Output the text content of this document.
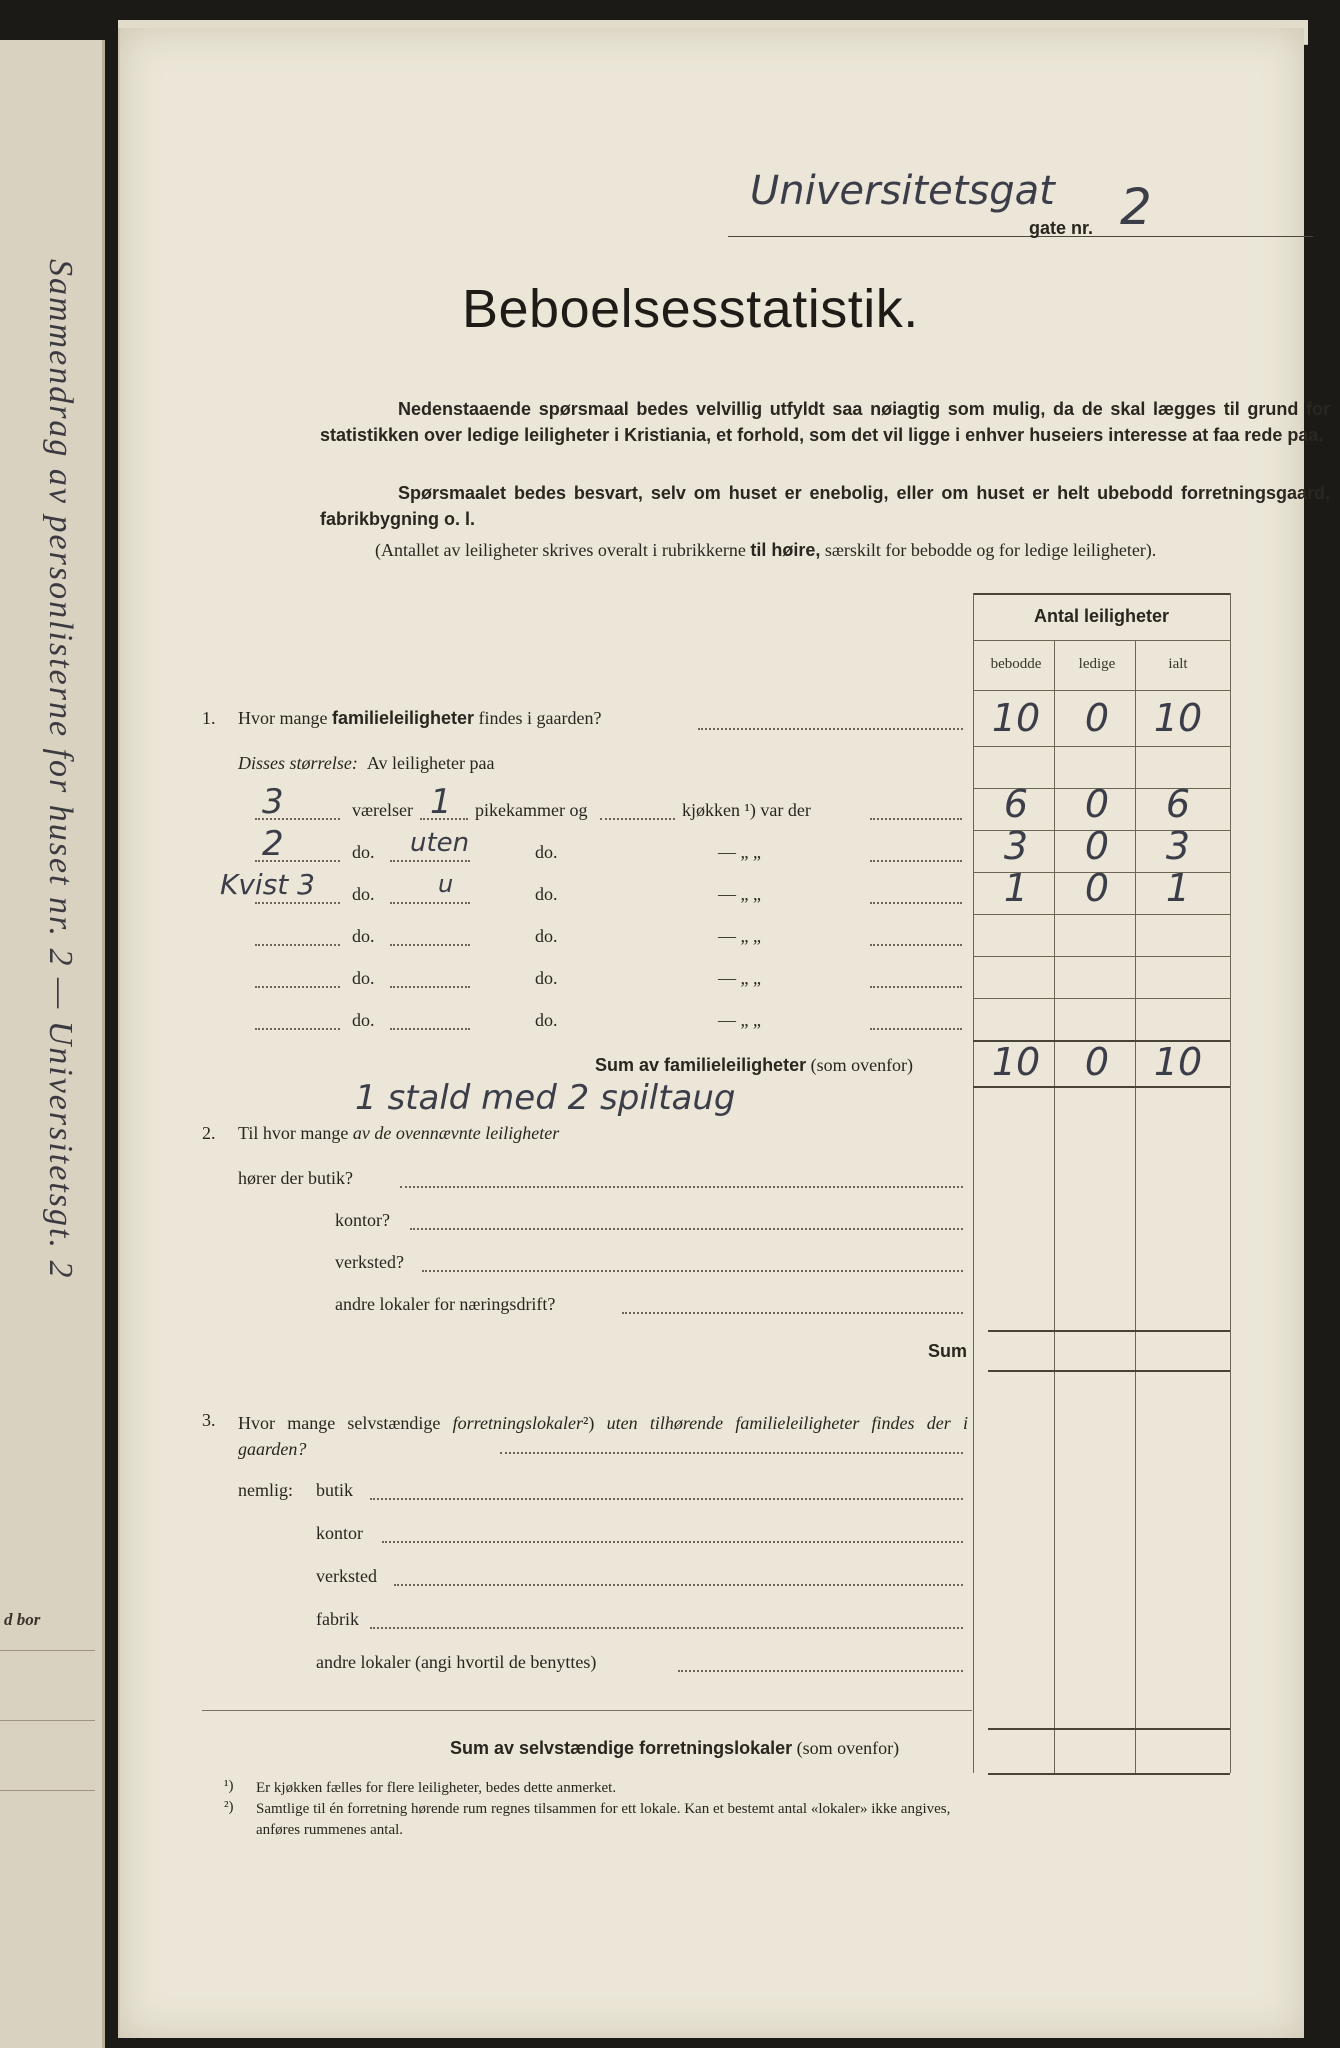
Sammendrag av personlisterne for huset nr. 2 — Universitetsgt. 2
d bor
Universitetsgat
gate nr. 2
Beboelsesstatistik.
Nedenstaaende spørsmaal bedes velvillig utfyldt saa nøiagtig som mulig, da de skal lægges til grund for statistikken over ledige leiligheter i Kristiania, et forhold, som det vil ligge i enhver huseiers interesse at faa rede paa.
Spørsmaalet bedes besvart, selv om huset er enebolig, eller om huset er helt ubebodd forretningsgaard, fabrikbygning o. l.
(Antallet av leiligheter skrives overalt i rubrikkerne til høire, særskilt for bebodde og for ledige leiligheter).
Antal leiligheter
bebodde	ledige	ialt
1. Hvor mange familieleiligheter findes i gaarden?	10	0	10
Disses størrelse: Av leiligheter paa
3	værelser 1 pikekammer og	kjøkken ¹) var der	6	0	6
2	do. uten	do.	— „ „	3	0	3
Kvist 3 do.	u	do.	— „ „	1	0	1
do.	do.	— „ „
do.	do.	— „ „
do.	do.	— „ „
Sum av familieleiligheter (som ovenfor)	10	0	10
1 stald med 2 spiltaug
2. Til hvor mange av de ovennævnte leiligheter
hører der butik?
kontor?
verksted?
andre lokaler for næringsdrift?
Sum
3. Hvor mange selvstændige forretningslokaler²) uten tilhørende familieleiligheter findes der i gaarden?
nemlig: butik
kontor
verksted
fabrik
andre lokaler (angi hvortil de benyttes)
Sum av selvstændige forretningslokaler (som ovenfor)
¹) Er kjøkken fælles for flere leiligheter, bedes dette anmerket.
²) Samtlige til én forretning hørende rum regnes tilsammen for ett lokale. Kan et bestemt antal «lokaler» ikke angives,
anføres rummenes antal.
